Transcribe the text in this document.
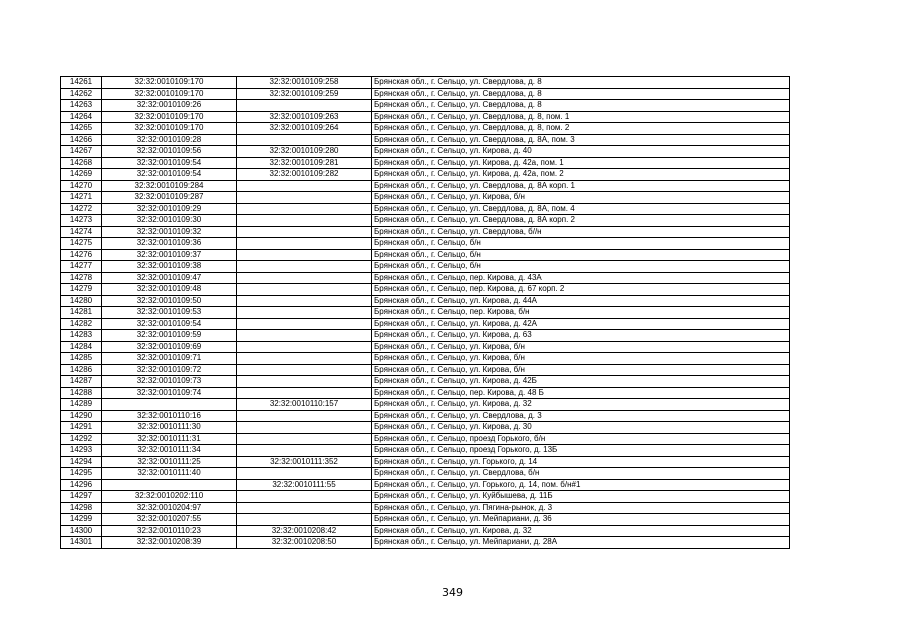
14261	32:32:0010109:170	32:32:0010109:258	Брянская обл., г. Сельцо, ул. Свердлова, д. 8
14262	32:32:0010109:170	32:32:0010109:259	Брянская обл., г. Сельцо, ул. Свердлова, д. 8
14263	32:32:0010109:26		Брянская обл., г. Сельцо, ул. Свердлова, д. 8
14264	32:32:0010109:170	32:32:0010109:263	Брянская обл., г. Сельцо, ул. Свердлова, д. 8, пом. 1
14265	32:32:0010109:170	32:32:0010109:264	Брянская обл., г. Сельцо, ул. Свердлова, д. 8, пом. 2
14266	32:32:0010109:28		Брянская обл., г. Сельцо, ул. Свердлова, д. 8А, пом. 3
14267	32:32:0010109:56	32:32:0010109:280	Брянская обл., г. Сельцо, ул. Кирова, д. 40
14268	32:32:0010109:54	32:32:0010109:281	Брянская обл., г. Сельцо, ул. Кирова, д. 42а, пом. 1
14269	32:32:0010109:54	32:32:0010109:282	Брянская обл., г. Сельцо, ул. Кирова, д. 42а, пом. 2
14270	32:32:0010109:284		Брянская обл., г. Сельцо, ул. Свердлова, д. 8А корп. 1
14271	32:32:0010109:287		Брянская обл., г. Сельцо, ул. Кирова, б/н
14272	32:32:0010109:29		Брянская обл., г. Сельцо, ул. Свердлова, д. 8А, пом. 4
14273	32:32:0010109:30		Брянская обл., г. Сельцо, ул. Свердлова, д. 8А корп. 2
14274	32:32:0010109:32		Брянская обл., г. Сельцо, ул. Свердлова, б//н
14275	32:32:0010109:36		Брянская обл., г. Сельцо, б/н
14276	32:32:0010109:37		Брянская обл., г. Сельцо, б/н
14277	32:32:0010109:38		Брянская обл., г. Сельцо, б/н
14278	32:32:0010109:47		Брянская обл., г. Сельцо, пер. Кирова, д. 43А
14279	32:32:0010109:48		Брянская обл., г. Сельцо, пер. Кирова, д. 67 корп. 2
14280	32:32:0010109:50		Брянская обл., г. Сельцо, ул. Кирова, д. 44А
14281	32:32:0010109:53		Брянская обл., г. Сельцо, пер. Кирова, б/н
14282	32:32:0010109:54		Брянская обл., г. Сельцо, ул. Кирова, д. 42А
14283	32:32:0010109:59		Брянская обл., г. Сельцо, ул. Кирова, д. 63
14284	32:32:0010109:69		Брянская обл., г. Сельцо, ул. Кирова, б/н
14285	32:32:0010109:71		Брянская обл., г. Сельцо, ул. Кирова, б/н
14286	32:32:0010109:72		Брянская обл., г. Сельцо, ул. Кирова, б/н
14287	32:32:0010109:73		Брянская обл., г. Сельцо, ул. Кирова, д. 42Б
14288	32:32:0010109:74		Брянская обл., г. Сельцо, пер. Кирова, д. 48 Б
14289		32:32:0010110:157	Брянская обл., г. Сельцо, ул. Кирова, д. 32
14290	32:32:0010110:16		Брянская обл., г. Сельцо, ул. Свердлова, д. 3
14291	32:32:0010111:30		Брянская обл., г. Сельцо, ул. Кирова, д. 30
14292	32:32:0010111:31		Брянская обл., г. Сельцо, проезд Горького, б/н
14293	32:32:0010111:34		Брянская обл., г. Сельцо, проезд Горького, д. 13Б
14294	32:32:0010111:25	32:32:0010111:352	Брянская обл., г. Сельцо, ул. Горького, д. 14
14295	32:32:0010111:40		Брянская обл., г. Сельцо, ул. Свердлова, б/н
14296		32:32:0010111:55	Брянская обл., г. Сельцо, ул. Горького, д. 14, пом. б/н#1
14297	32:32:0010202:110		Брянская обл., г. Сельцо, ул. Куйбышева, д. 11Б
14298	32:32:0010204:97		Брянская обл., г. Сельцо, ул. Пягина-рынок, д. 3
14299	32:32:0010207:55		Брянская обл., г. Сельцо, ул. Мейпариани, д. 36
14300	32:32:0010110:23	32:32:0010208:42	Брянская обл., г. Сельцо, ул. Кирова, д. 32
14301	32:32:0010208:39	32:32:0010208:50	Брянская обл., г. Сельцо, ул. Мейпариани, д. 28А
349
